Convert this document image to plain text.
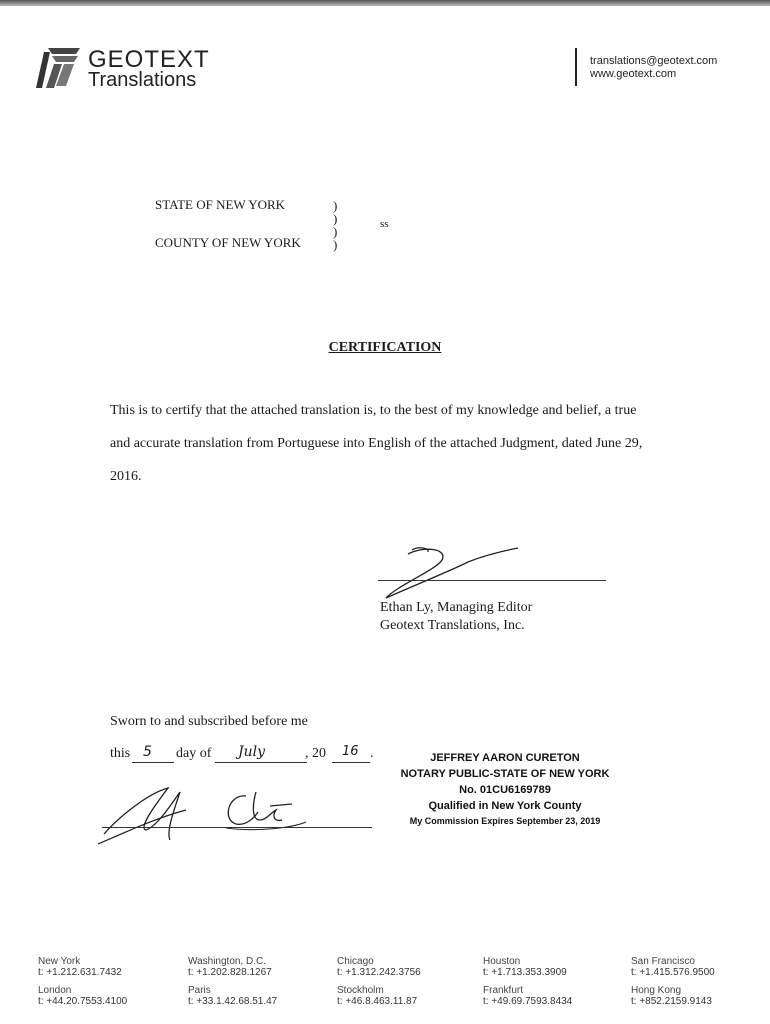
GEOTEXT
Translations
translations@geotext.com
www.geotext.com
STATE OF NEW YORK
COUNTY OF NEW YORK
)
)
)
)
ss
CERTIFICATION
This is to certify that the attached translation is, to the best of my knowledge and belief, a true
and accurate translation from Portuguese into English of the attached Judgment, dated June 29,
2016.
Ethan Ly, Managing Editor
Geotext Translations, Inc.
Sworn to and subscribed before me
this 5 day of July	, 20 16 .	JEFFREY AARON CURETON
NOTARY PUBLIC-STATE OF NEW YORK
No. 01CU6169789
Qualified in New York County
My Commission Expires September 23, 2019
New York
t: +1.212.631.7432
Washington, D.C.
t: +1.202.828.1267
Chicago
t: +1.312.242.3756
Houston
t: +1.713.353.3909
San Francisco
t: +1.415.576.9500
London
t: +44.20.7553.4100
Paris
t: +33.1.42.68.51.47
Stockholm
t: +46.8.463.11.87
Frankfurt
t: +49.69.7593.8434
Hong Kong
t: +852.2159.9143
